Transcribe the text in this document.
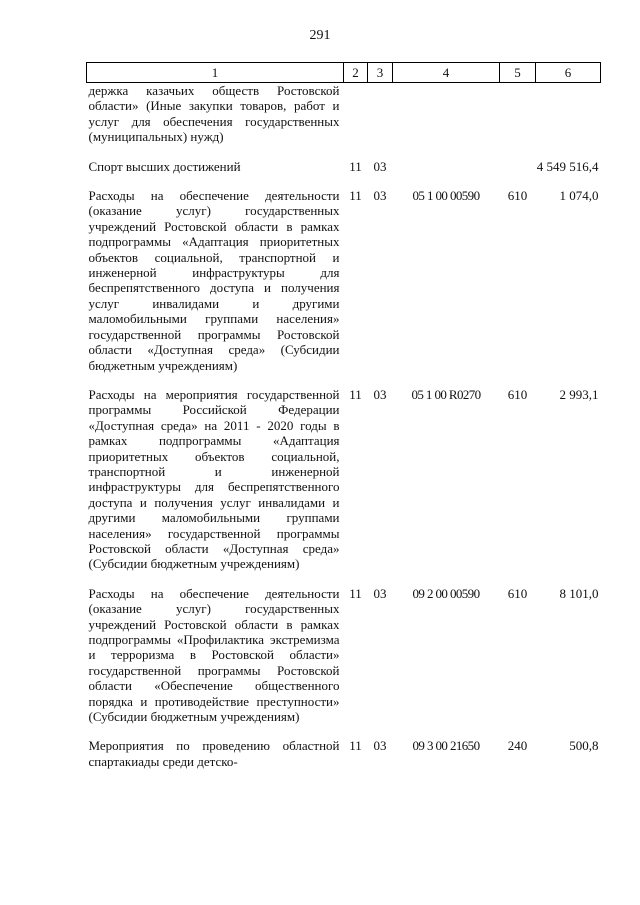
291
1	2	3	4	5	6
держка казачьих обществ Ростовской области» (Иные закупки товаров, работ и услуг для обеспечения государственных (муниципальных) нужд)					
Спорт высших достижений	11	03			4 549 516,4
Расходы на обеспечение деятельности (оказание услуг) государственных учреждений Ростовской области в рамках подпрограммы «Адаптация приоритетных объектов социальной, транспортной и инженерной инфраструктуры для беспрепятственного доступа и получения услуг инвалидами и другими маломобильными группами населения» государственной программы Ростовской области «Доступная среда» (Субсидии бюджетным учреждениям)	11	03	05 1 00 00590	610	1 074,0
Расходы на мероприятия государственной программы Российской Федерации «Доступная среда» на 2011 - 2020 годы в рамках подпрограммы «Адаптация приоритетных объектов социальной, транспортной и инженерной инфраструктуры для беспрепятственного доступа и получения услуг инвалидами и другими маломобильными группами населения» государственной программы Ростовской области «Доступная среда» (Субсидии бюджетным учреждениям)	11	03	05 1 00 R0270	610	2 993,1
Расходы на обеспечение деятельности (оказание услуг) государственных учреждений Ростовской области в рамках подпрограммы «Профилактика экстремизма и терроризма в Ростовской области» государственной программы Ростовской области «Обеспечение общественного порядка и противодействие преступности» (Субсидии бюджетным учреждениям)	11	03	09 2 00 00590	610	8 101,0
Мероприятия по проведению областной спартакиады среди детско-	11	03	09 3 00 21650	240	500,8
